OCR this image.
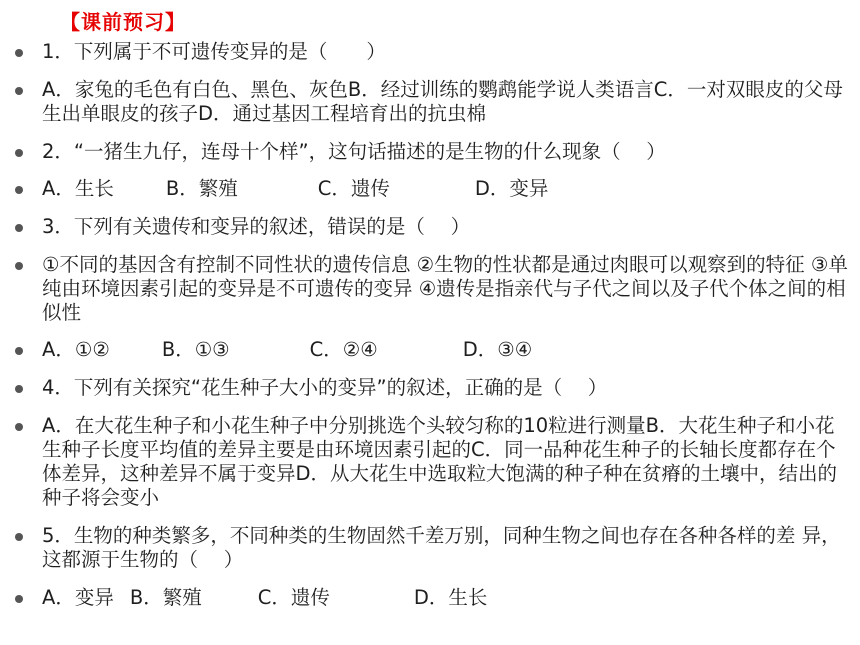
【课前预习】
1．下列属于不可遗传变异的是（　　）
A．家兔的毛色有白色、黑色、灰色B．经过训练的鹦鹉能学说人类语言C．一对双眼皮的父母生出单眼皮的孩子D．通过基因工程培育出的抗虫棉
2．“一猪生九仔，连母十个样”，这句话描述的是生物的什么现象（　 ）
A．生长	B．繁殖	C．遗传	D．变异
3．下列有关遗传和变异的叙述，错误的是（　 ）
①不同的基因含有控制不同性状的遗传信息 ②生物的性状都是通过肉眼可以观察到的特征 ③单纯由环境因素引起的变异是不可遗传的变异 ④遗传是指亲代与子代之间以及子代个体之间的相似性
A．①②	B．①③	C．②④	D．③④
4．下列有关探究“花生种子大小的变异”的叙述，正确的是（　 ）
A．在大花生种子和小花生种子中分别挑选个头较匀称的10粒进行测量B．大花生种子和小花生种子长度平均值的差异主要是由环境因素引起的C．同一品种花生种子的长轴长度都存在个体差异，这种差异不属于变异D．从大花生中选取粒大饱满的种子种在贫瘠的土壤中，结出的种子将会变小
5．生物的种类繁多，不同种类的生物固然千差万别，同种生物之间也存在各种各样的差 异，这都源于生物的（　 ）
A．变异 B．繁殖	C．遗传	D．生长
